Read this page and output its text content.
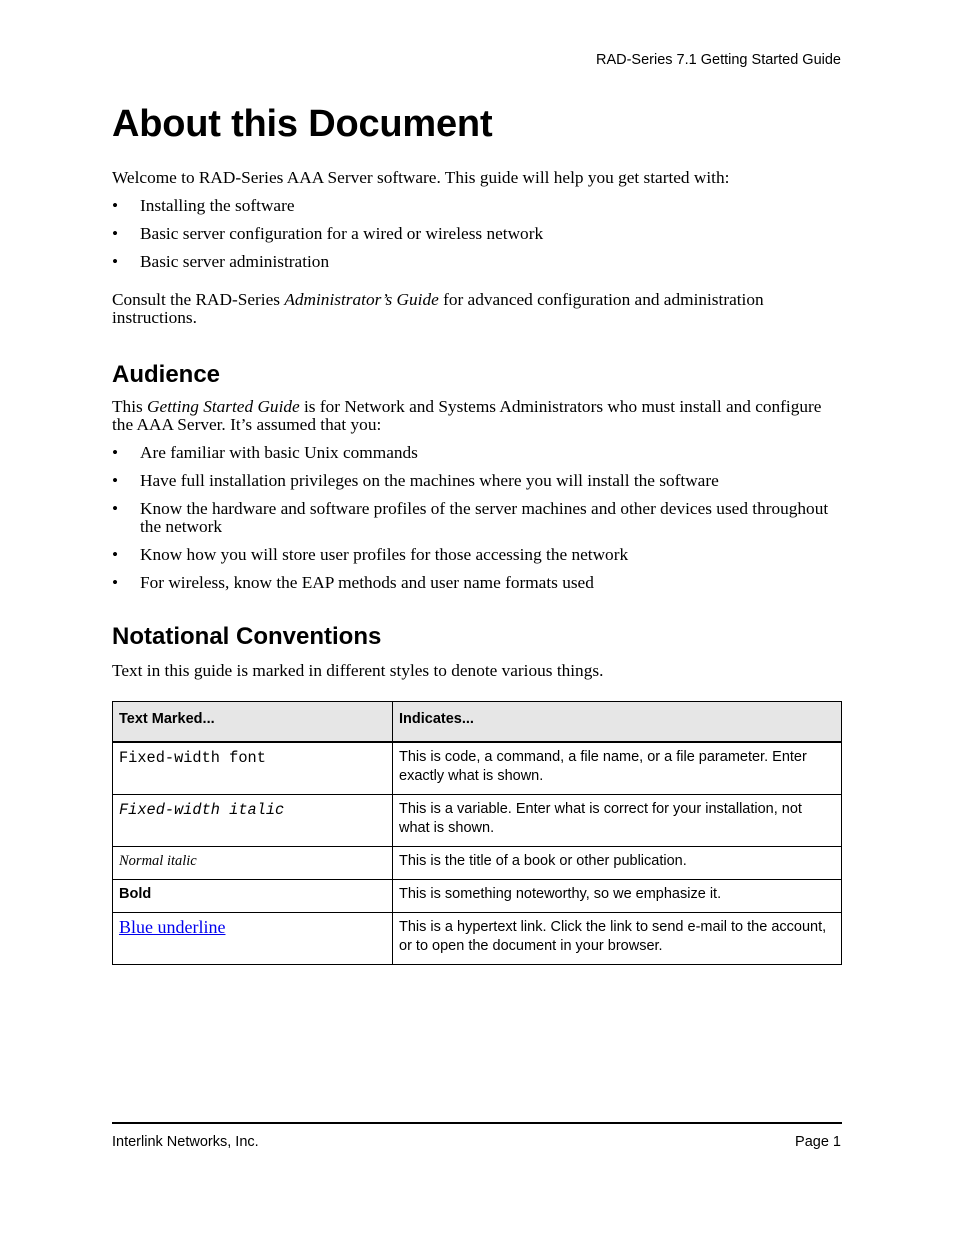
RAD-Series 7.1 Getting Started Guide
About this Document

Welcome to RAD-Series AAA Server software. This guide will help you get started with:

• Installing the software
• Basic server configuration for a wired or wireless network
• Basic server administration

Consult the RAD-Series Administrator’s Guide for advanced configuration and administration instructions.

Audience

This Getting Started Guide is for Network and Systems Administrators who must install and configure the AAA Server. It’s assumed that you:

• Are familiar with basic Unix commands
• Have full installation privileges on the machines where you will install the software
• Know the hardware and software profiles of the server machines and other devices used throughout the network
• Know how you will store user profiles for those accessing the network
• For wireless, know the EAP methods and user name formats used
Notational Conventions

Text in this guide is marked in different styles to denote various things.

Text Marked...	Indicates...
Fixed-width font	This is code, a command, a file name, or a file parameter. Enter exactly what is shown.
Fixed-width italic	This is a variable. Enter what is correct for your installation, not what is shown.
Normal italic	This is the title of a book or other publication.
Bold	This is something noteworthy, so we emphasize it.
Blue underline	This is a hypertext link. Click the link to send e-mail to the account, or to open the document in your browser.
Interlink Networks, Inc.	Page 1
